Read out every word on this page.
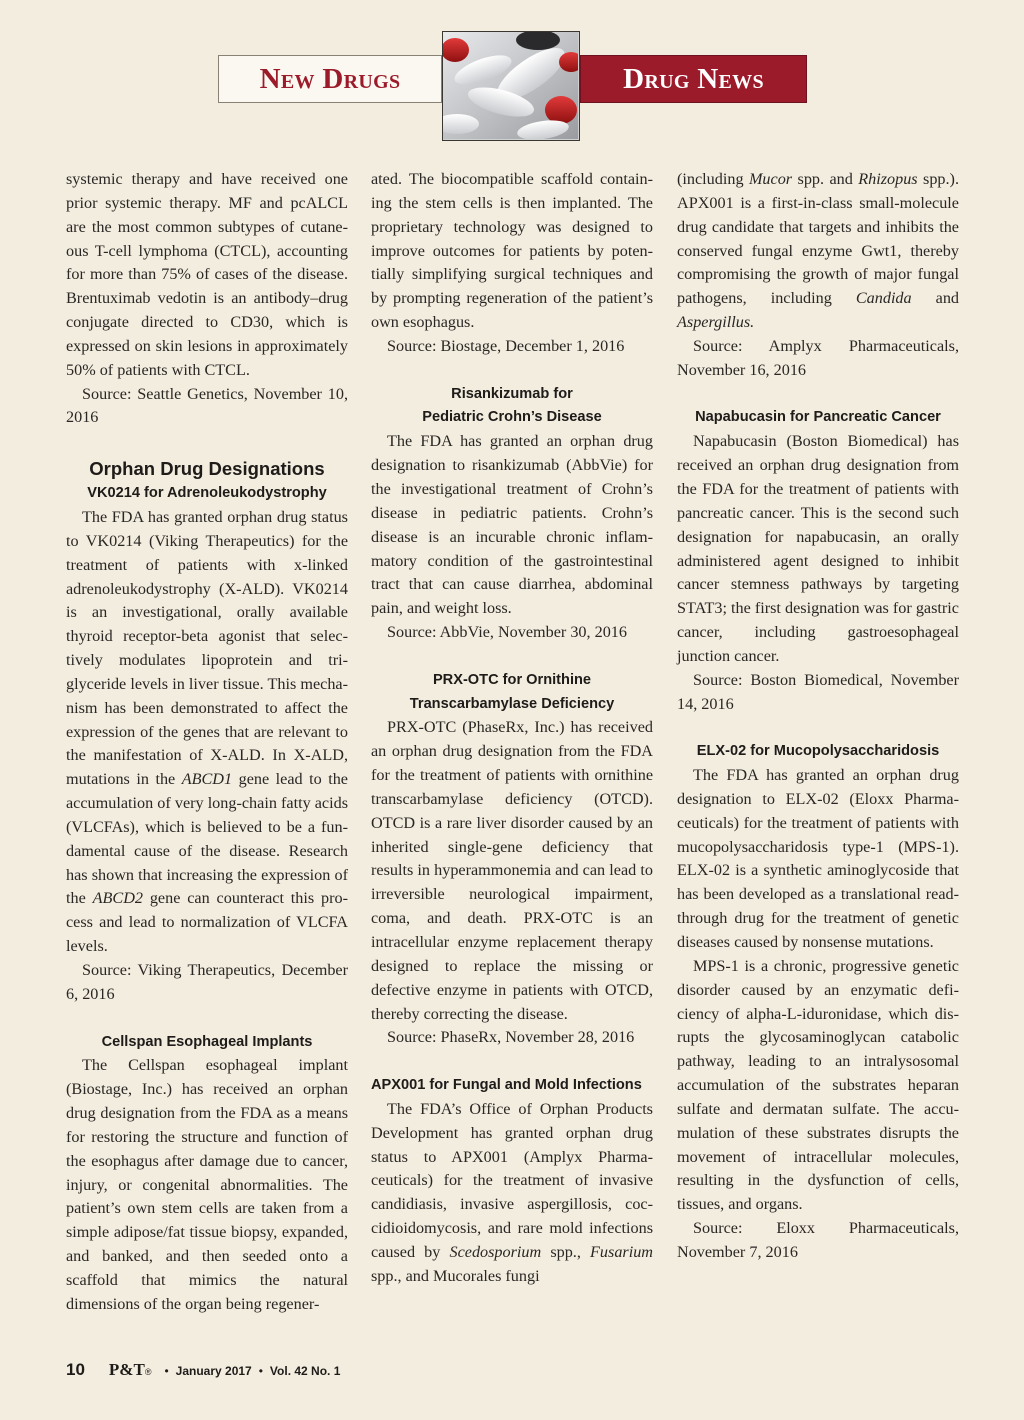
New Drugs	Drug News

systemic therapy and have received one prior systemic therapy. MF and pcALCL are the most common subtypes of cutaneous T-cell lymphoma (CTCL), accounting for more than 75% of cases of the disease. Brentuximab vedotin is an antibody–drug conjugate directed to CD30, which is expressed on skin lesions in approximately 50% of patients with CTCL.

Source: Seattle Genetics, November 10, 2016

Orphan Drug Designations
VK0214 for Adrenoleukodystrophy

The FDA has granted orphan drug status to VK0214 (Viking Therapeutics) for the treatment of patients with x-linked adrenoleukodystrophy (X-ALD). VK0214 is an investigational, orally available thyroid receptor-beta agonist that selectively modulates lipoprotein and triglyceride levels in liver tissue. This mechanism has been demonstrated to affect the expression of the genes that are relevant to the manifestation of X-ALD. In X-ALD, mutations in the ABCD1 gene lead to the accumulation of very long-chain fatty acids (VLCFAs), which is believed to be a fundamental cause of the disease. Research has shown that increasing the expression of the ABCD2 gene can counteract this process and lead to normalization of VLCFA levels.

Source: Viking Therapeutics, December 6, 2016

Cellspan Esophageal Implants

The Cellspan esophageal implant (Biostage, Inc.) has received an orphan drug designation from the FDA as a means for restoring the structure and function of the esophagus after damage due to cancer, injury, or congenital abnormalities. The patient’s own stem cells are taken from a simple adipose/fat tissue biopsy, expanded, and banked, and then seeded onto a scaffold that mimics the natural dimensions of the organ being regener-

ated. The biocompatible scaffold containing the stem cells is then implanted. The proprietary technology was designed to improve outcomes for patients by potentially simplifying surgical techniques and by prompting regeneration of the patient’s own esophagus.

Source: Biostage, December 1, 2016

Risankizumab for
Pediatric Crohn’s Disease

The FDA has granted an orphan drug designation to risankizumab (AbbVie) for the investigational treatment of Crohn’s disease in pediatric patients. Crohn’s disease is an incurable chronic inflammatory condition of the gastrointestinal tract that can cause diarrhea, abdominal pain, and weight loss.

Source: AbbVie, November 30, 2016

PRX-OTC for Ornithine
Transcarbamylase Deficiency

PRX-OTC (PhaseRx, Inc.) has received an orphan drug designation from the FDA for the treatment of patients with ornithine transcarbamylase deficiency (OTCD). OTCD is a rare liver disorder caused by an inherited single-gene deficiency that results in hyperammonemia and can lead to irreversible neurological impairment, coma, and death. PRX-OTC is an intracellular enzyme replacement therapy designed to replace the missing or defective enzyme in patients with OTCD, thereby correcting the disease.

Source: PhaseRx, November 28, 2016

APX001 for Fungal and Mold Infections

The FDA’s Office of Orphan Products Development has granted orphan drug status to APX001 (Amplyx Pharmaceuticals) for the treatment of invasive candidiasis, invasive aspergillosis, coccidioidomycosis, and rare mold infections caused by Scedosporium spp., Fusarium spp., and Mucorales fungi

(including Mucor spp. and Rhizopus spp.). APX001 is a first-in-class small-molecule drug candidate that targets and inhibits the conserved fungal enzyme Gwt1, thereby compromising the growth of major fungal pathogens, including Candida and Aspergillus.

Source: Amplyx Pharmaceuticals, November 16, 2016

Napabucasin for Pancreatic Cancer

Napabucasin (Boston Biomedical) has received an orphan drug designation from the FDA for the treatment of patients with pancreatic cancer. This is the second such designation for napabucasin, an orally administered agent designed to inhibit cancer stemness pathways by targeting STAT3; the first designation was for gastric cancer, including gastroesophageal junction cancer.

Source: Boston Biomedical, November 14, 2016

ELX-02 for Mucopolysaccharidosis

The FDA has granted an orphan drug designation to ELX-02 (Eloxx Pharmaceuticals) for the treatment of patients with mucopolysaccharidosis type-1 (MPS-1). ELX-02 is a synthetic aminoglycoside that has been developed as a translational read-through drug for the treatment of genetic diseases caused by nonsense mutations.

MPS-1 is a chronic, progressive genetic disorder caused by an enzymatic deficiency of alpha-L-iduronidase, which disrupts the glycosaminoglycan catabolic pathway, leading to an intralysosomal accumulation of the substrates heparan sulfate and dermatan sulfate. The accumulation of these substrates disrupts the movement of intracellular molecules, resulting in the dysfunction of cells, tissues, and organs.

Source: Eloxx Pharmaceuticals, November 7, 2016

10 P&T ® • January 2017 • Vol. 42 No. 1
